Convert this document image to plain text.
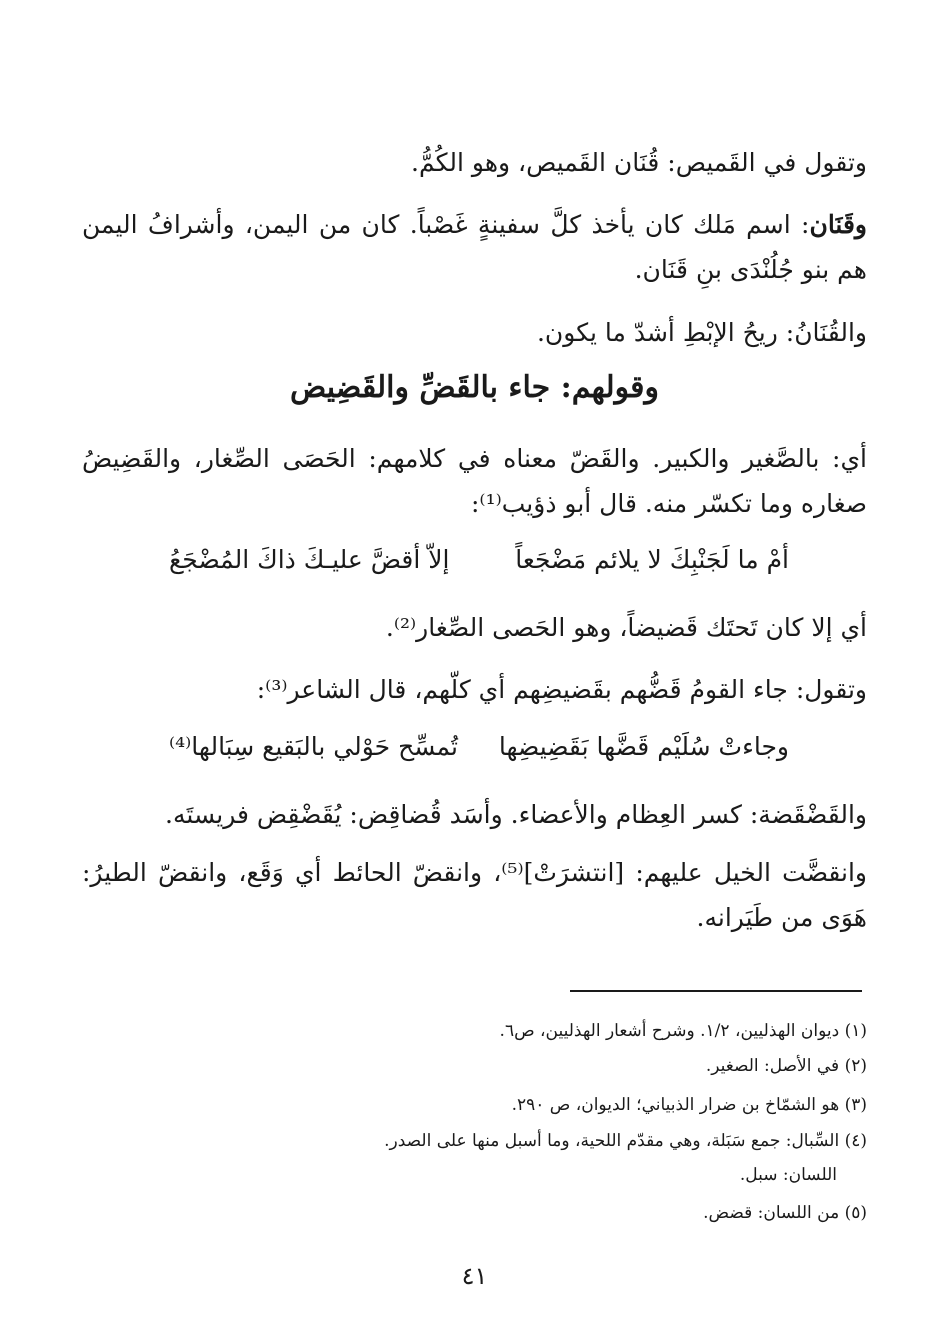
وتقول في القَميص: قُنَان القَميص، وهو الكُمُّ.
وقَنَان: اسم مَلك كان يأخذ كلَّ سفينةٍ غَصْباً. كان من اليمن، وأشرافُ اليمن هم بنو جُلُنْدَى بنِ قَنَان.
والقُنَانُ: ريحُ الإبْطِ أشدّ ما يكون.
وقولهم: جاء بالقَضِّ والقَضِيض
أي: بالصَّغير والكبير. والقَضّ معناه في كلامهم: الحَصَى الصِّغار، والقَضِيضُ صغاره وما تكسّر منه. قال أبو ذؤيب⁽¹⁾:
أمْ ما لَجَنْبِكَ لا يلائم مَضْجَعاً
إلاّ أقضَّ عليـكَ ذاكَ المُضْجَعُ
أي إلا كان تَحتَك قَضيضاً، وهو الحَصى الصِّغار⁽²⁾.
وتقول: جاء القومُ قَضُّهم بقَضيضِهم أي كلّهم، قال الشاعر⁽³⁾:
وجاءتْ سُلَيْم قَضَّها بَقَضِيضِها
تُمسِّح حَوْلي بالبَقيع سِبَالها⁽⁴⁾
والقَضْقَضة: كسر العِظام والأعضاء. وأسَد قُضاقِض: يُقَضْقِض فريستَه.
وانقضَّت الخيل عليهم: [انتشرَتْ]⁽⁵⁾، وانقضّ الحائط أي وَقَع، وانقضّ الطيرُ: هَوَى من طَيَرانه.
(١) ديوان الهذليين، ١/٢. وشرح أشعار الهذليين، ص٦.
(٢) في الأصل: الصغير.
(٣) هو الشمّاخ بن ضرار الذبياني؛ الديوان، ص ٢٩٠.
(٤) السِّبال: جمع سَبَلة، وهي مقدّم اللحية، وما أسبل منها على الصدر.
اللسان: سبل.
(٥) من اللسان: قضض.
٤١
